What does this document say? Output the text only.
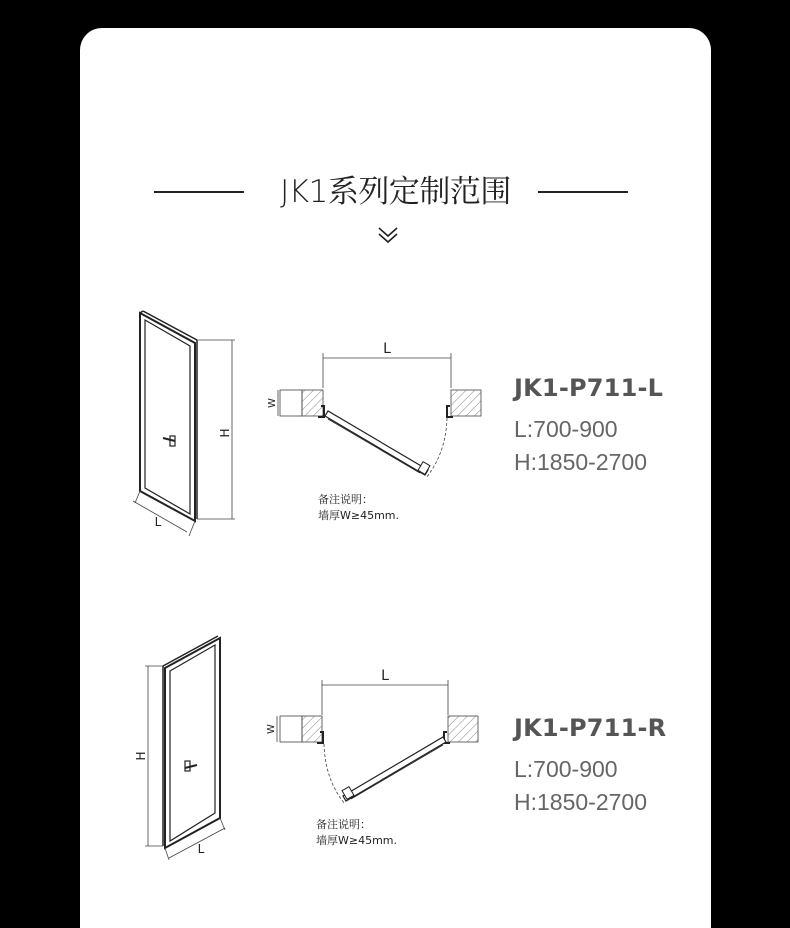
JK1系列定制范围
H
L
L
W
备注说明：
墙厚W≥45mm.
JK1-P711-L
L:700-900
H:1850-2700
H
L
L
W
备注说明：
墙厚W≥45mm.
JK1-P711-R
L:700-900
H:1850-2700
